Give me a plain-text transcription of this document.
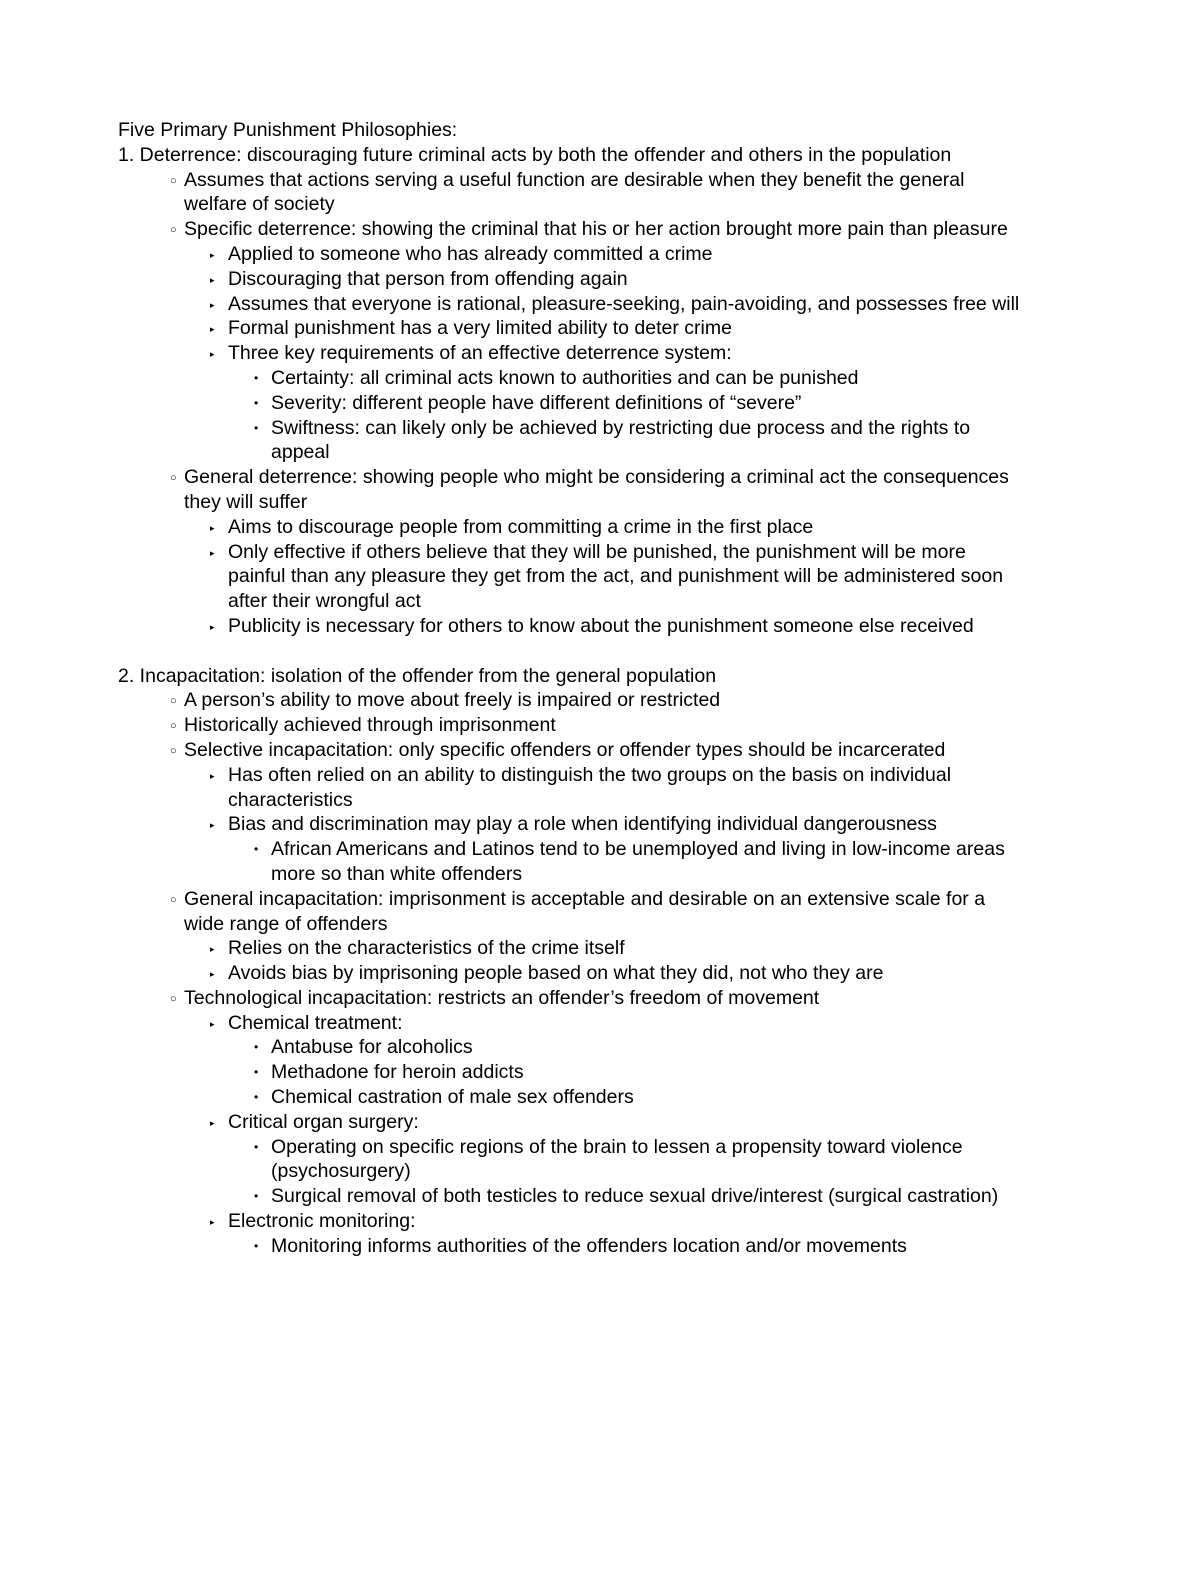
Five Primary Punishment Philosophies:
1. Deterrence: discouraging future criminal acts by both the offender and others in the population
○ Assumes that actions serving a useful function are desirable when they benefit the general
welfare of society
○ Specific deterrence: showing the criminal that his or her action brought more pain than pleasure
▸ Applied to someone who has already committed a crime
▸ Discouraging that person from offending again
▸ Assumes that everyone is rational, pleasure-seeking, pain-avoiding, and possesses free will
▸ Formal punishment has a very limited ability to deter crime
▸ Three key requirements of an effective deterrence system:
• Certainty: all criminal acts known to authorities and can be punished
• Severity: different people have different definitions of “severe”
• Swiftness: can likely only be achieved by restricting due process and the rights to
appeal
○ General deterrence: showing people who might be considering a criminal act the consequences
they will suffer
▸ Aims to discourage people from committing a crime in the first place
▸ Only effective if others believe that they will be punished, the punishment will be more
painful than any pleasure they get from the act, and punishment will be administered soon
after their wrongful act
▸ Publicity is necessary for others to know about the punishment someone else received
2. Incapacitation: isolation of the offender from the general population
○ A person’s ability to move about freely is impaired or restricted
○ Historically achieved through imprisonment
○ Selective incapacitation: only specific offenders or offender types should be incarcerated
▸ Has often relied on an ability to distinguish the two groups on the basis on individual
characteristics
▸ Bias and discrimination may play a role when identifying individual dangerousness
• African Americans and Latinos tend to be unemployed and living in low-income areas
more so than white offenders
○ General incapacitation: imprisonment is acceptable and desirable on an extensive scale for a
wide range of offenders
▸ Relies on the characteristics of the crime itself
▸ Avoids bias by imprisoning people based on what they did, not who they are
○ Technological incapacitation: restricts an offender’s freedom of movement
▸ Chemical treatment:
• Antabuse for alcoholics
• Methadone for heroin addicts
• Chemical castration of male sex offenders
▸ Critical organ surgery:
• Operating on specific regions of the brain to lessen a propensity toward violence
(psychosurgery)
• Surgical removal of both testicles to reduce sexual drive/interest (surgical castration)
▸ Electronic monitoring:
• Monitoring informs authorities of the offenders location and/or movements
